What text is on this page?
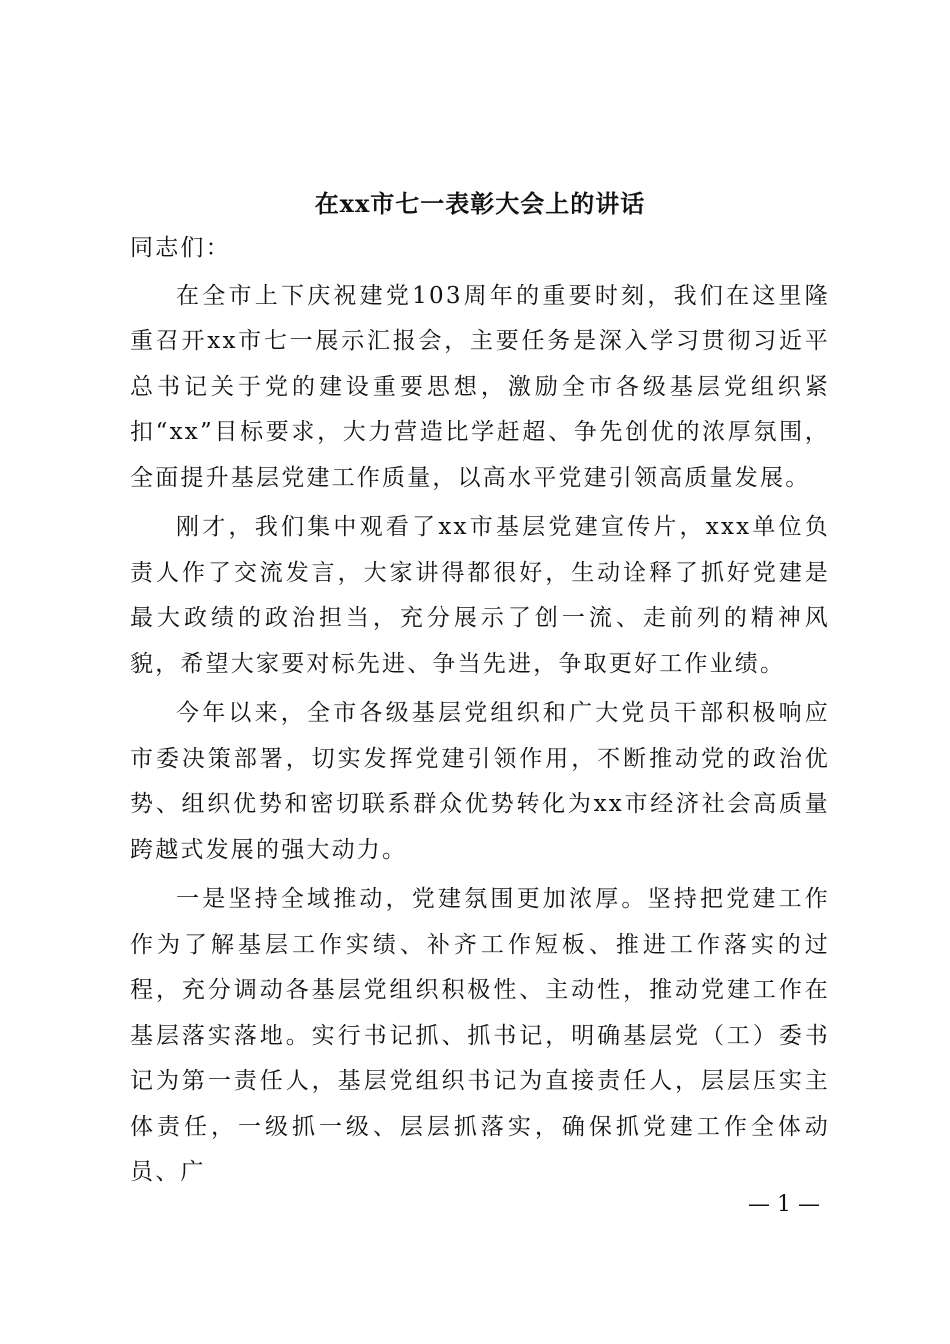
在xx市七一表彰大会上的讲话

同志们：

在全市上下庆祝建党103周年的重要时刻，我们在这里隆重召开xx市七一展示汇报会，主要任务是深入学习贯彻习近平总书记关于党的建设重要思想，激励全市各级基层党组织紧扣“xx”目标要求，大力营造比学赶超、争先创优的浓厚氛围，全面提升基层党建工作质量，以高水平党建引领高质量发展。

刚才，我们集中观看了xx市基层党建宣传片，xxx单位负责人作了交流发言，大家讲得都很好，生动诠释了抓好党建是最大政绩的政治担当，充分展示了创一流、走前列的精神风貌，希望大家要对标先进、争当先进，争取更好工作业绩。

今年以来，全市各级基层党组织和广大党员干部积极响应市委决策部署，切实发挥党建引领作用，不断推动党的政治优势、组织优势和密切联系群众优势转化为xx市经济社会高质量跨越式发展的强大动力。

一是坚持全域推动，党建氛围更加浓厚。坚持把党建工作作为了解基层工作实绩、补齐工作短板、推进工作落实的过程，充分调动各基层党组织积极性、主动性，推动党建工作在基层落实落地。实行书记抓、抓书记，明确基层党（工）委书记为第一责任人，基层党组织书记为直接责任人，层层压实主体责任，一级抓一级、层层抓落实，确保抓党建工作全体动员、广

— 1 —
